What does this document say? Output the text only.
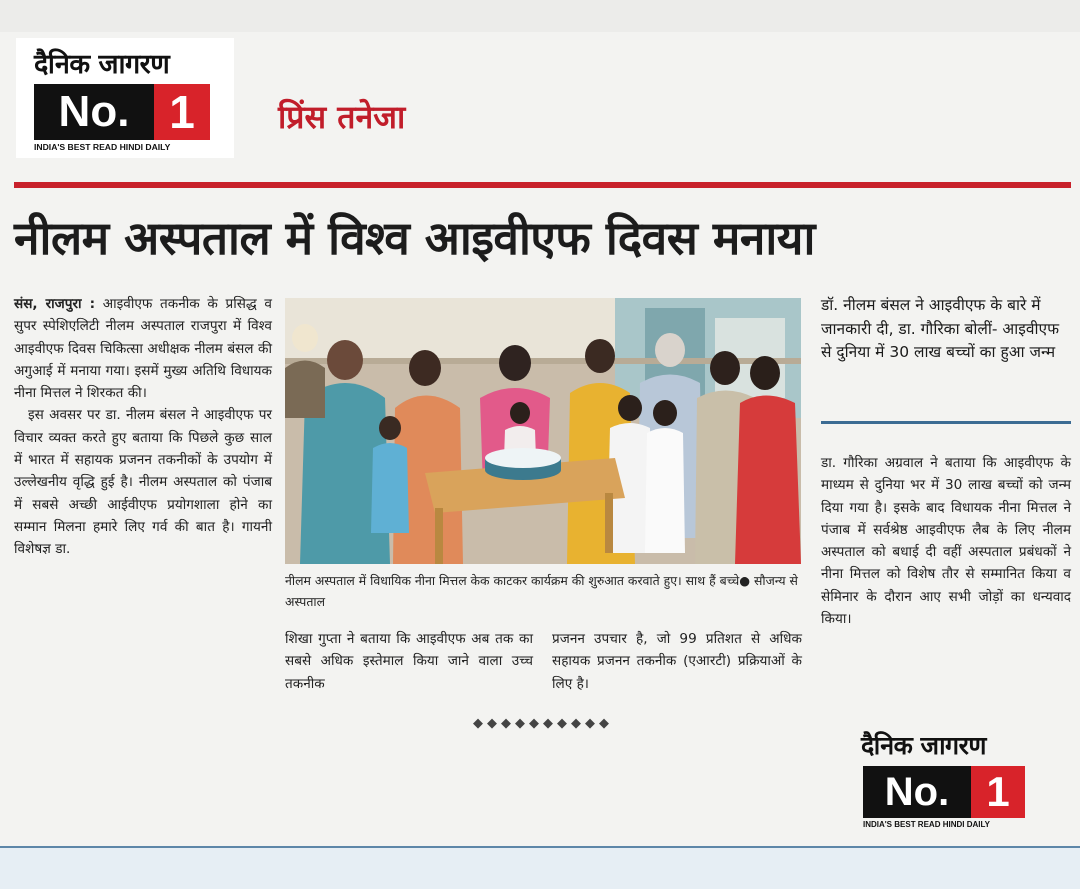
दैनिक जागरण
No. 1
INDIA'S BEST READ HINDI DAILY
प्रिंस तनेजा
नीलम अस्पताल में विश्व आइवीएफ दिवस मनाया

संस, राजपुरा : आइवीएफ तकनीक के प्रसिद्ध व सुपर स्पेशिएलिटी नीलम अस्पताल राजपुरा में विश्व आइवीएफ दिवस चिकित्सा अधीक्षक नीलम बंसल की अगुआई में मनाया गया। इसमें मुख्य अतिथि विधायक नीना मित्तल ने शिरकत की।

इस अवसर पर डा. नीलम बंसल ने आइवीएफ पर विचार व्यक्त करते हुए बताया कि पिछले कुछ साल में भारत में सहायक प्रजनन तकनीकों के उपयोग में उल्लेखनीय वृद्धि हुई है। नीलम अस्पताल को पंजाब में सबसे अच्छी आईवीएफ प्रयोगशाला होने का सम्मान मिलना हमारे लिए गर्व की बात है। गायनी विशेषज्ञ डा.

नीलम अस्पताल में विधायिक नीना मित्तल केक काटकर कार्यक्रम की शुरुआत करवाते हुए। साथ हैं बच्चे● सौजन्य से अस्पताल

शिखा गुप्ता ने बताया कि आइवीएफ अब तक का सबसे अधिक इस्तेमाल किया जाने वाला उच्च तकनीक

प्रजनन उपचार है, जो 99 प्रतिशत से अधिक सहायक प्रजनन तकनीक (एआरटी) प्रक्रियाओं के लिए है।

डॉ. नीलम बंसल ने आइवीएफ के बारे में जानकारी दी, डा. गौरिका बोलीं- आइवीएफ से दुनिया में 30 लाख बच्चों का हुआ जन्म

डा. गौरिका अग्रवाल ने बताया कि आइवीएफ के माध्यम से दुनिया भर में 30 लाख बच्चों को जन्म दिया गया है। इसके बाद विधायक नीना मित्तल ने पंजाब में सर्वश्रेष्ठ आइवीएफ लैब के लिए नीलम अस्पताल को बधाई दी वहीं अस्पताल प्रबंधकों ने नीना मित्तल को विशेष तौर से सम्मानित किया व सेमिनार के दौरान आए सभी जोड़ों का धन्यवाद किया।

◆◆◆◆◆◆◆◆◆◆
दैनिक जागरण
No. 1
INDIA'S BEST READ HINDI DAILY
